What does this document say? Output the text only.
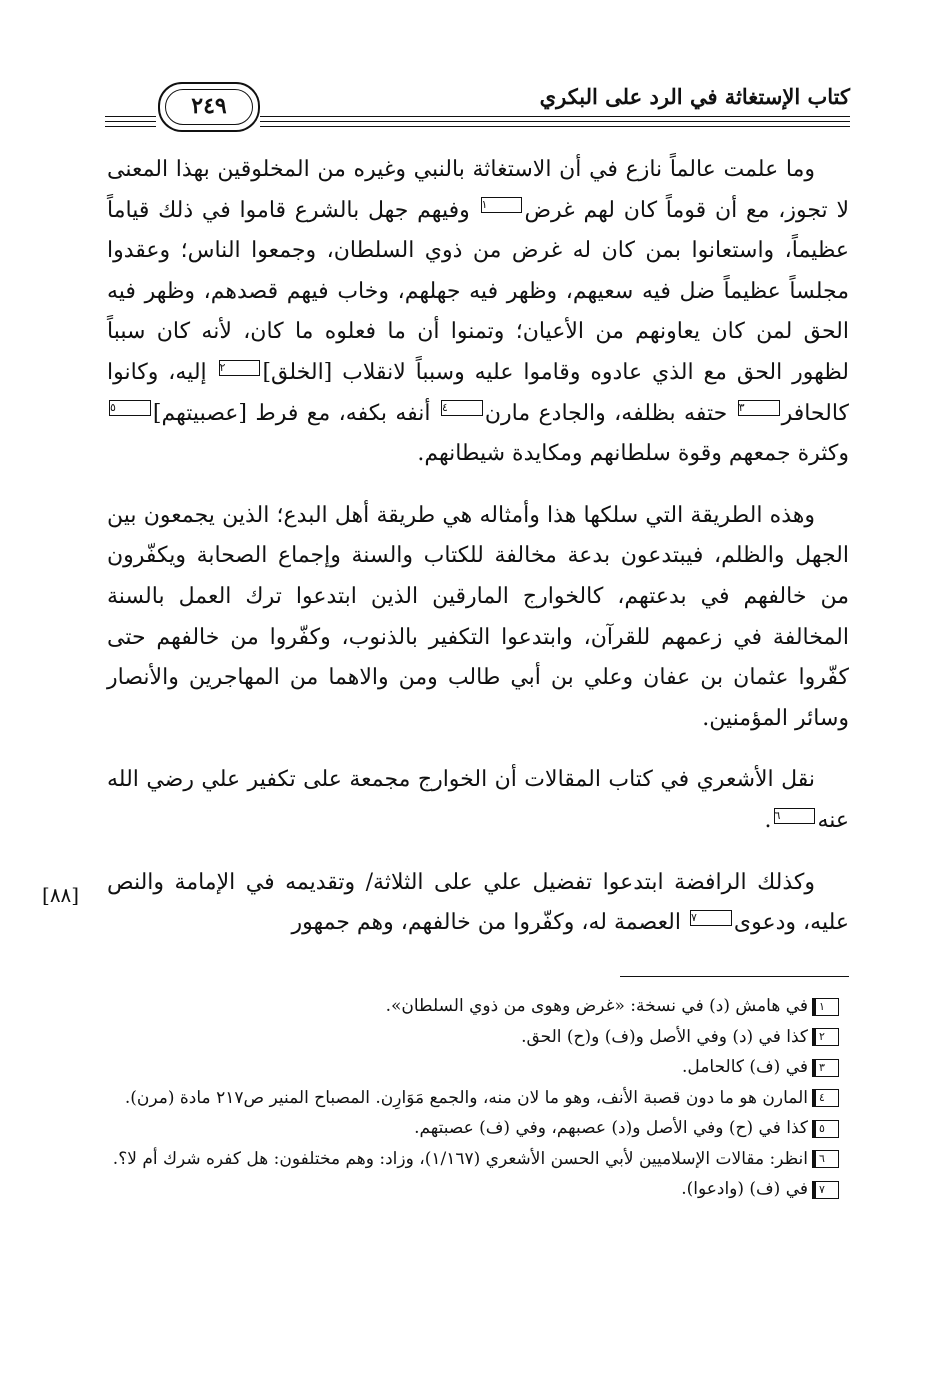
كتاب الإستغاثة في الرد على البكري
٢٤٩

وما علمت عالماً نازع في أن الاستغاثة بالنبي وغيره من المخلوقين بهذا المعنى لا تجوز، مع أن قوماً كان لهم غرض١ وفيهم جهل بالشرع قاموا في ذلك قياماً عظيماً، واستعانوا بمن كان له غرض من ذوي السلطان، وجمعوا الناس؛ وعقدوا مجلساً عظيماً ضل فيه سعيهم، وظهر فيه جهلهم، وخاب فيهم قصدهم، وظهر فيه الحق لمن كان يعاونهم من الأعيان؛ وتمنوا أن ما فعلوه ما كان، لأنه كان سبباً لظهور الحق مع الذي عادوه وقاموا عليه وسبباً لانقلاب [الخلق]٢ إليه، وكانوا كالحافر٣ حتفه بظلفه، والجادع مارن٤ أنفه بكفه، مع فرط [عصبيتهم]٥ وكثرة جمعهم وقوة سلطانهم ومكايدة شيطانهم.

وهذه الطريقة التي سلكها هذا وأمثاله هي طريقة أهل البدع؛ الذين يجمعون بين الجهل والظلم، فيبتدعون بدعة مخالفة للكتاب والسنة وإجماع الصحابة ويكفّرون من خالفهم في بدعتهم، كالخوارج المارقين الذين ابتدعوا ترك العمل بالسنة المخالفة في زعمهم للقرآن، وابتدعوا التكفير بالذنوب، وكفّروا من خالفهم حتى كفّروا عثمان بن عفان وعلي بن أبي طالب ومن والاهما من المهاجرين والأنصار وسائر المؤمنين.

نقل الأشعري في كتاب المقالات أن الخوارج مجمعة على تكفير علي رضي الله عنه٦.

وكذلك الرافضة ابتدعوا تفضيل علي على الثلاثة/ وتقديمه في الإمامة والنص عليه، ودعوى٧ العصمة له، وكفّروا من خالفهم، وهم جمهور

[٨٨]

١في هامش (د) في نسخة: «غرض وهوى من ذوي السلطان».

٢كذا في (د) وفي الأصل و(ف) و(ح) الحق.

٣في (ف) كالحامل.

٤المارن هو ما دون قصبة الأنف، وهو ما لان منه، والجمع مَوَارِن. المصباح المنير ص٢١٧ مادة (مرن).

٥كذا في (ح) وفي الأصل و(د) عصبهم، وفي (ف) عصبتهم.

٦انظر: مقالات الإسلاميين لأبي الحسن الأشعري (١/١٦٧)، وزاد: وهم مختلفون: هل كفره شرك أم لا؟.

٧في (ف) (وادعوا).
